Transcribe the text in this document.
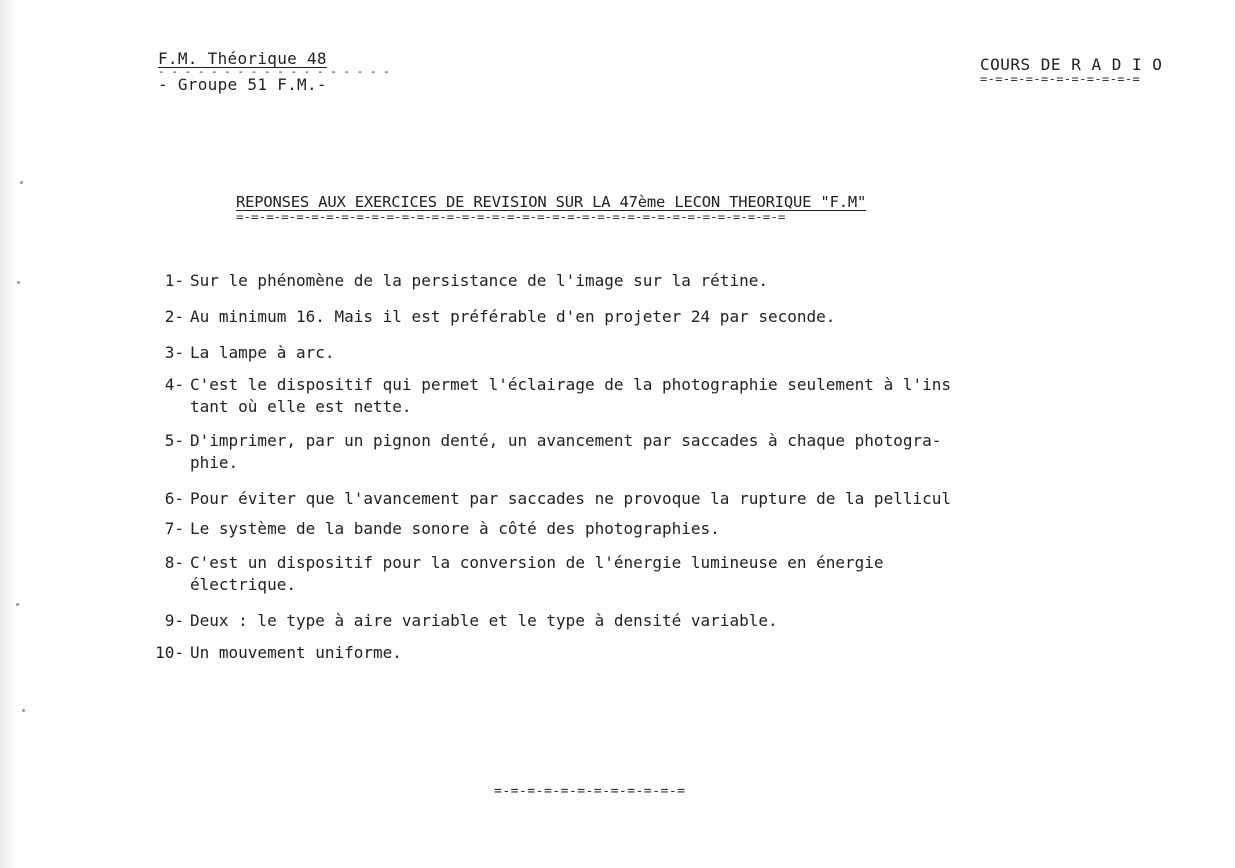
F.M. Théorique 48
- - - - - - - - - - - - - - - - - -
- Groupe 51 F.M.-
COURS DE R A D I O
=-=-=-=-=-=-=-=-=-=-=
REPONSES AUX EXERCICES DE REVISION SUR LA 47ème LECON THEORIQUE "F.M"
=-=-=-=-=-=-=-=-=-=-=-=-=-=-=-=-=-=-=-=-=-=-=-=-=-=-=-=-=-=-=-=-=-=-=-=-=
1- Sur le phénomène de la persistance de l'image sur la rétine.
2- Au minimum 16. Mais il est préférable d'en projeter 24 par seconde.
3- La lampe à arc.
4- C'est le dispositif qui permet l'éclairage de la photographie seulement à l'ins
tant où elle est nette.
5- D'imprimer, par un pignon denté, un avancement par saccades à chaque photogra-
phie.
6- Pour éviter que l'avancement par saccades ne provoque la rupture de la pellicul
7- Le système de la bande sonore à côté des photographies.
8- C'est un dispositif pour la conversion de l'énergie lumineuse en énergie
électrique.
9- Deux : le type à aire variable et le type à densité variable.
10- Un mouvement uniforme.
=-=-=-=-=-=-=-=-=-=-=-=
